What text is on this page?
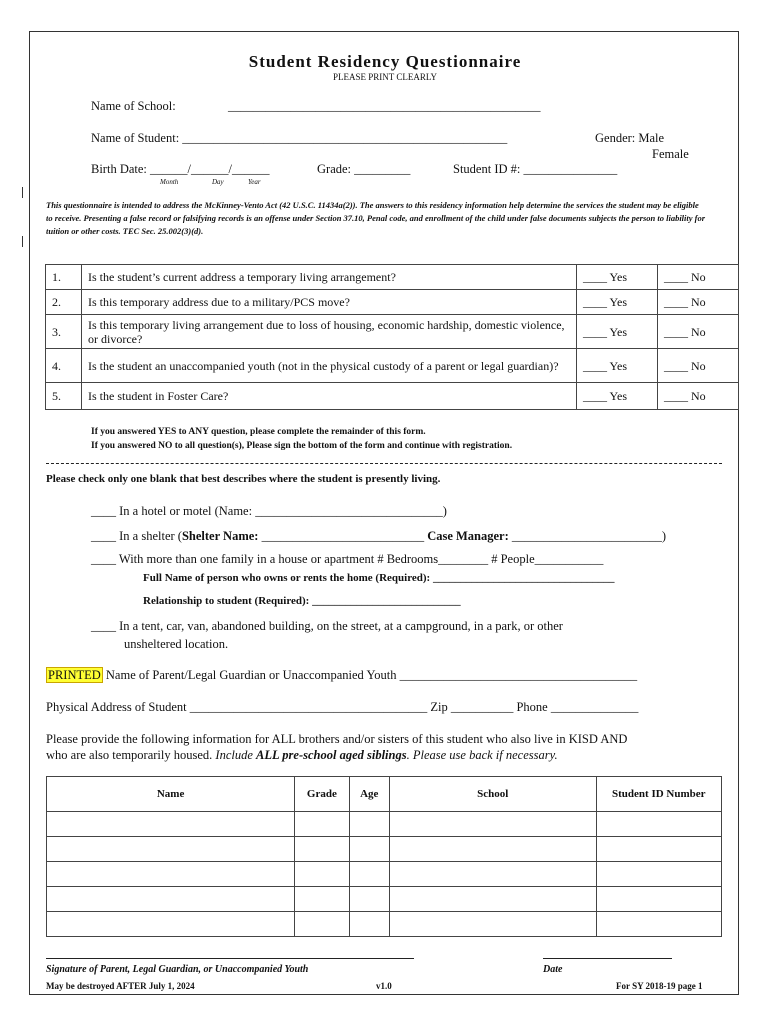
Student Residency Questionnaire
PLEASE PRINT CLEARLY
Name of School:	__________________________________________________
Name of Student: ____________________________________________________	Gender: Male
Female
Birth Date: ______/______/______	Grade: _________	Student ID #: _______________
Month	Day	Year
This questionnaire is intended to address the McKinney-Vento Act (42 U.S.C. 11434a(2)). The answers to this residency information help determine the services the student may be eligible to receive. Presenting a false record or falsifying records is an offense under Section 37.10, Penal code, and enrollment of the child under false documents subjects the person to liability for tuition or other costs. TEC Sec. 25.002(3)(d).
1.	Is the student’s current address a temporary living arrangement?	____ Yes	____ No
2.	Is this temporary address due to a military/PCS move?	____ Yes	____ No
3.	Is this temporary living arrangement due to loss of housing, economic hardship, domestic violence, or divorce?	____ Yes	____ No
4.	Is the student an unaccompanied youth (not in the physical custody of a parent or legal guardian)?	____ Yes	____ No
5.	Is the student in Foster Care?	____ Yes	____ No
If you answered YES to ANY question, please complete the remainder of this form.
If you answered NO to all question(s), Please sign the bottom of the form and continue with registration.
Please check only one blank that best describes where the student is presently living.
____ In a hotel or motel (Name: ______________________________)
____ In a shelter (Shelter Name: __________________________ Case Manager: ________________________)
____ With more than one family in a house or apartment # Bedrooms________ # People___________
Full Name of person who owns or rents the home (Required): _________________________________
Relationship to student (Required): ___________________________
____ In a tent, car, van, abandoned building, on the street, at a campground, in a park, or other
unsheltered location.
PRINTED Name of Parent/Legal Guardian or Unaccompanied Youth ______________________________________
Physical Address of Student ______________________________________ Zip __________ Phone ______________
Please provide the following information for ALL brothers and/or sisters of this student who also live in KISD AND
who are also temporarily housed. Include ALL pre-school aged siblings. Please use back if necessary.
Name	Grade	Age	School	Student ID Number

Signature of Parent, Legal Guardian, or Unaccompanied Youth	Date
May be destroyed AFTER July 1, 2024	v1.0	For SY 2018-19 page 1
